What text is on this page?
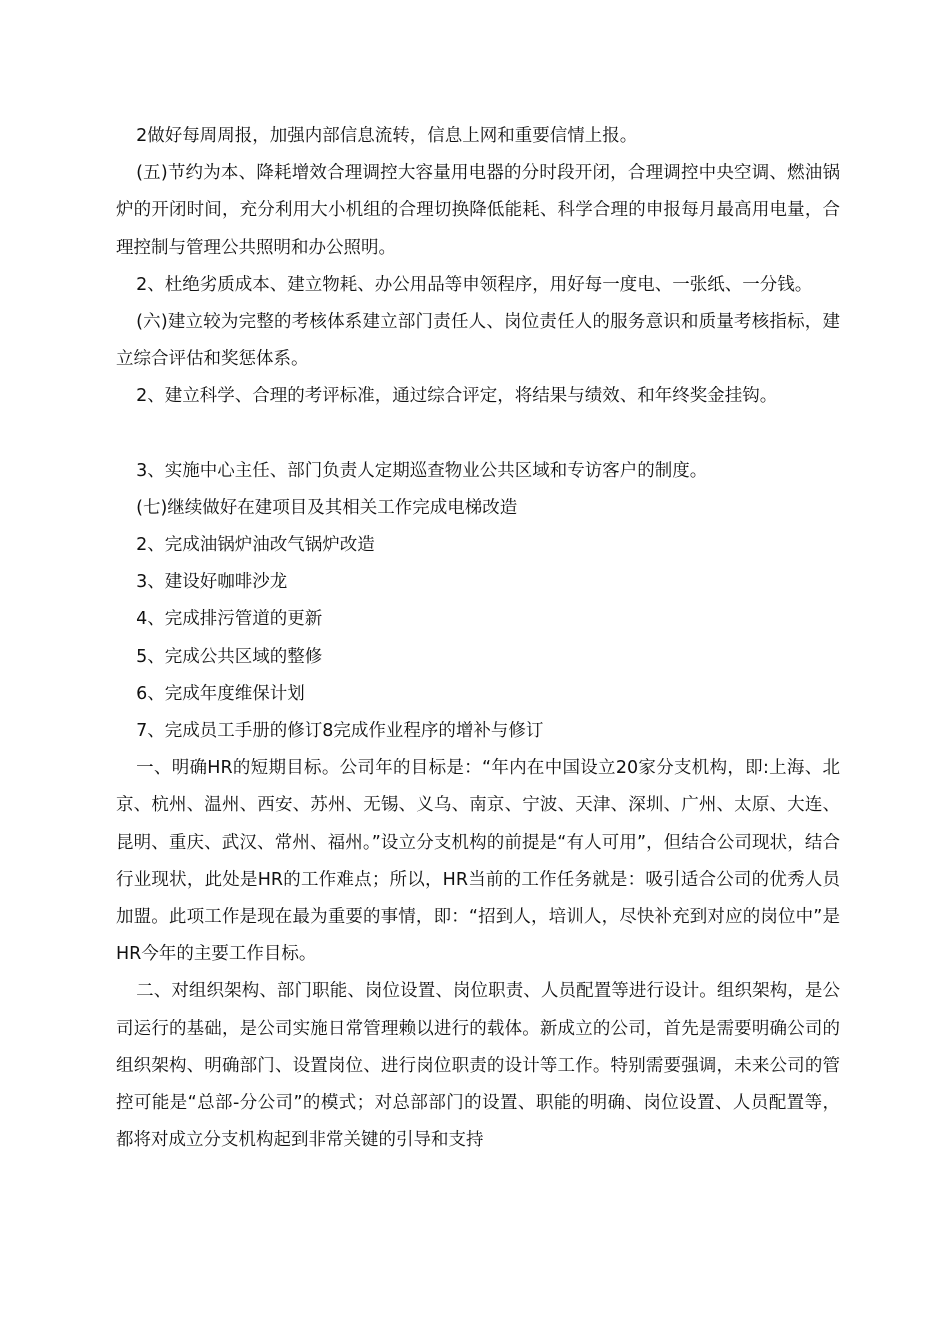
2做好每周周报，加强内部信息流转，信息上网和重要信情上报。

(五)节约为本、降耗增效合理调控大容量用电器的分时段开闭，合理调控中央空调、燃油锅炉的开闭时间，充分利用大小机组的合理切换降低能耗、科学合理的申报每月最高用电量，合理控制与管理公共照明和办公照明。

2、杜绝劣质成本、建立物耗、办公用品等申领程序，用好每一度电、一张纸、一分钱。

(六)建立较为完整的考核体系建立部门责任人、岗位责任人的服务意识和质量考核指标，建立综合评估和奖惩体系。

2、建立科学、合理的考评标准，通过综合评定，将结果与绩效、和年终奖金挂钩。

3、实施中心主任、部门负责人定期巡查物业公共区域和专访客户的制度。

(七)继续做好在建项目及其相关工作完成电梯改造

2、完成油锅炉油改气锅炉改造

3、建设好咖啡沙龙

4、完成排污管道的更新

5、完成公共区域的整修

6、完成年度维保计划

7、完成员工手册的修订8完成作业程序的增补与修订

一、明确HR的短期目标。公司年的目标是：“年内在中国设立20家分支机构，即:上海、北京、杭州、温州、西安、苏州、无锡、义乌、南京、宁波、天津、深圳、广州、太原、大连、昆明、重庆、武汉、常州、福州。”设立分支机构的前提是“有人可用”，但结合公司现状，结合行业现状，此处是HR的工作难点；所以，HR当前的工作任务就是：吸引适合公司的优秀人员加盟。此项工作是现在最为重要的事情，即：“招到人，培训人，尽快补充到对应的岗位中”是HR今年的主要工作目标。

二、对组织架构、部门职能、岗位设置、岗位职责、人员配置等进行设计。组织架构，是公司运行的基础，是公司实施日常管理赖以进行的载体。新成立的公司，首先是需要明确公司的组织架构、明确部门、设置岗位、进行岗位职责的设计等工作。特别需要强调，未来公司的管控可能是“总部-分公司”的模式；对总部部门的设置、职能的明确、岗位设置、人员配置等，都将对成立分支机构起到非常关键的引导和支持
